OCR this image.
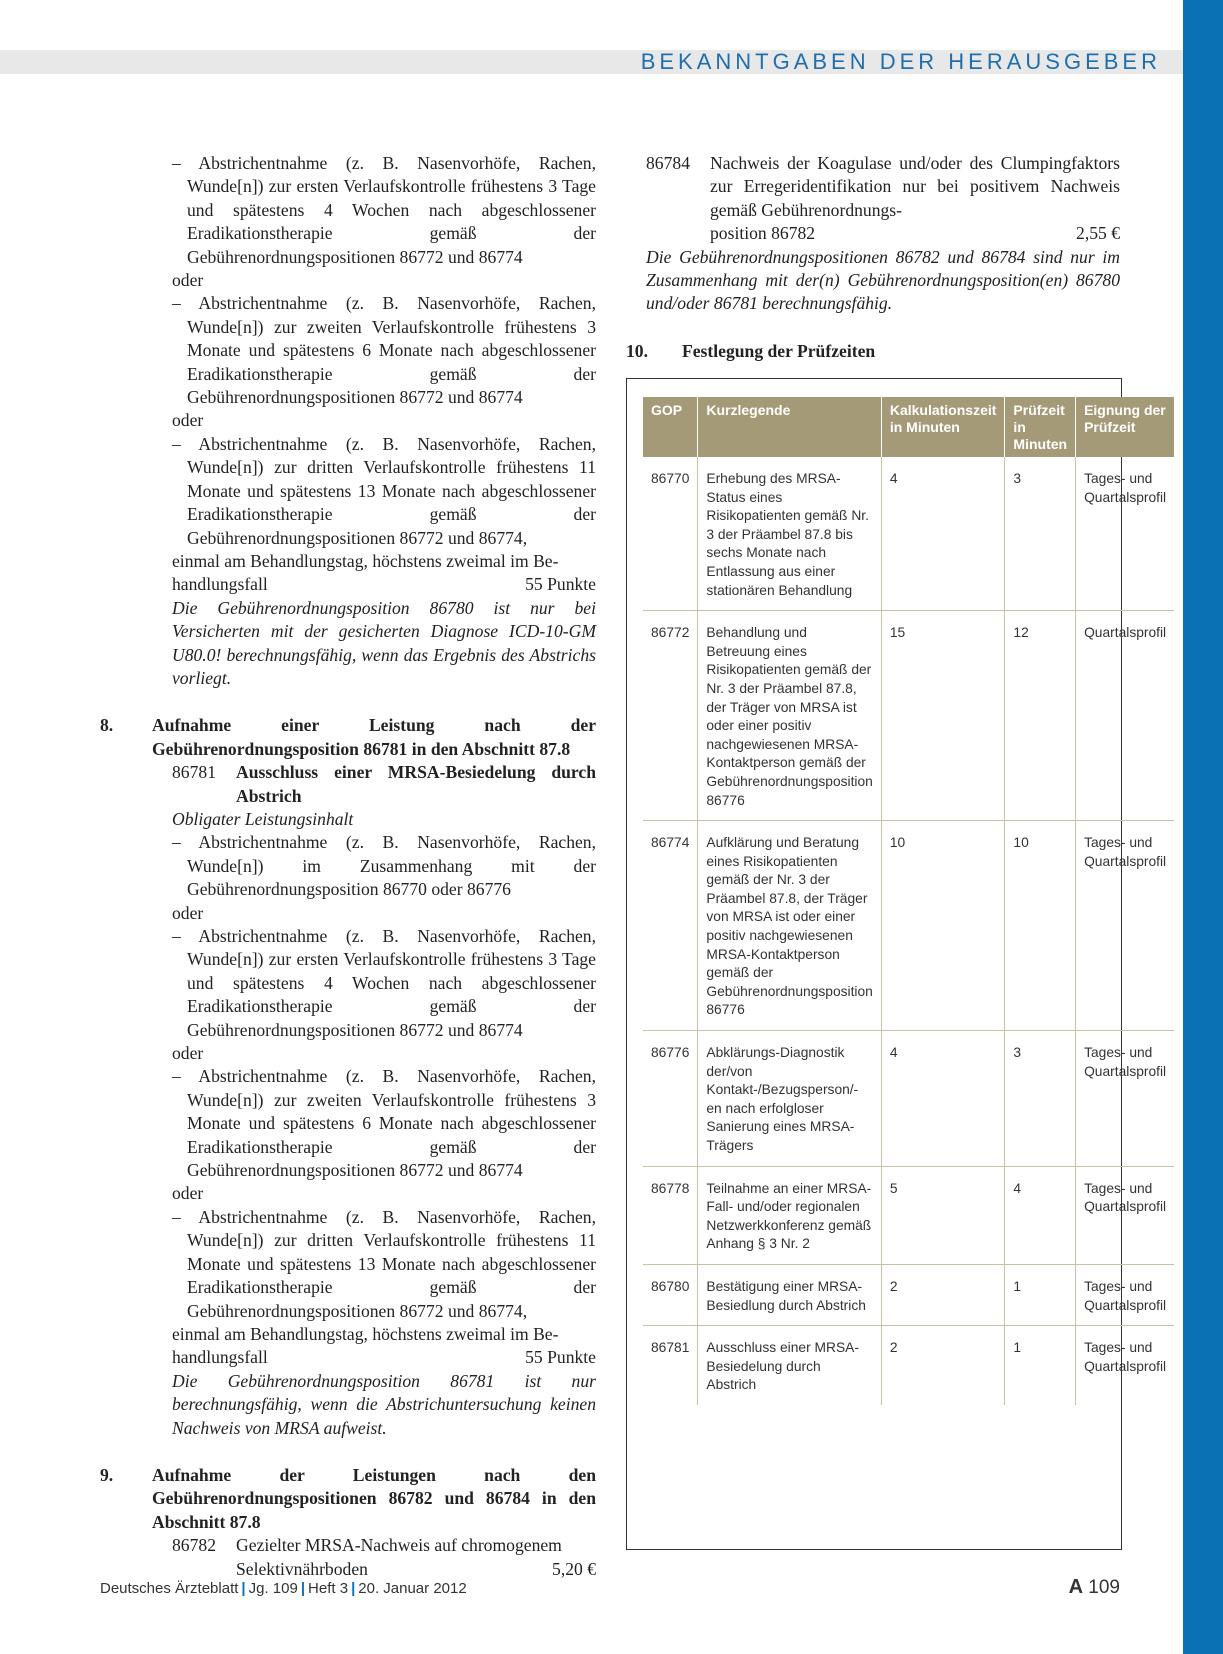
BEKANNTGABEN DER HERAUSGEBER
– Abstrichentnahme (z. B. Nasenvorhöfe, Rachen, Wunde[n]) zur ersten Verlaufskontrolle frühestens 3 Tage und spätestens 4 Wochen nach abgeschlossener Eradikationstherapie gemäß der Gebührenordnungspositionen 86772 und 86774
oder
– Abstrichentnahme (z. B. Nasenvorhöfe, Rachen, Wunde[n]) zur zweiten Verlaufskontrolle frühestens 3 Monate und spätestens 6 Monate nach abgeschlossener Eradikationstherapie gemäß der Gebührenordnungspositionen 86772 und 86774
oder
– Abstrichentnahme (z. B. Nasenvorhöfe, Rachen, Wunde[n]) zur dritten Verlaufskontrolle frühestens 11 Monate und spätestens 13 Monate nach abgeschlossener Eradikationstherapie gemäß der Gebührenordnungspositionen 86772 und 86774,
einmal am Behandlungstag, höchstens zweimal im Be-
handlungsfall	55 Punkte
Die Gebührenordnungsposition 86780 ist nur bei Versicherten mit der gesicherten Diagnose ICD-10-GM U80.0! berechnungsfähig, wenn das Ergebnis des Abstrichs vorliegt.
8. Aufnahme einer Leistung nach der Gebührenordnungsposition 86781 in den Abschnitt 87.8
86781 Ausschluss einer MRSA-Besiedelung durch Abstrich
Obligater Leistungsinhalt
– Abstrichentnahme (z. B. Nasenvorhöfe, Rachen, Wunde[n]) im Zusammenhang mit der Gebührenordnungsposition 86770 oder 86776
oder
– Abstrichentnahme (z. B. Nasenvorhöfe, Rachen, Wunde[n]) zur ersten Verlaufskontrolle frühestens 3 Tage und spätestens 4 Wochen nach abgeschlossener Eradikationstherapie gemäß der Gebührenordnungspositionen 86772 und 86774
oder
– Abstrichentnahme (z. B. Nasenvorhöfe, Rachen, Wunde[n]) zur zweiten Verlaufskontrolle frühestens 3 Monate und spätestens 6 Monate nach abgeschlossener Eradikationstherapie gemäß der Gebührenordnungspositionen 86772 und 86774
oder
– Abstrichentnahme (z. B. Nasenvorhöfe, Rachen, Wunde[n]) zur dritten Verlaufskontrolle frühestens 11 Monate und spätestens 13 Monate nach abgeschlossener Eradikationstherapie gemäß der Gebührenordnungspositionen 86772 und 86774,
einmal am Behandlungstag, höchstens zweimal im Be-
handlungsfall	55 Punkte
Die Gebührenordnungsposition 86781 ist nur berechnungsfähig, wenn die Abstrichuntersuchung keinen Nachweis von MRSA aufweist.
9. Aufnahme der Leistungen nach den Gebührenordnungspositionen 86782 und 86784 in den Abschnitt 87.8
86782 Gezielter MRSA-Nachweis auf chromogenem
Selektivnährboden	5,20 €
86784 Nachweis der Koagulase und/oder des Clumpingfaktors zur Erregeridentifikation nur bei positivem Nachweis gemäß Gebührenordnungs-
position 86782	2,55 €
Die Gebührenordnungspositionen 86782 und 86784 sind nur im Zusammenhang mit der(n) Gebührenordnungsposition(en) 86780 und/oder 86781 berechnungsfähig.
10. Festlegung der Prüfzeiten
GOP	Kurzlegende	Kalkulationszeit in Minuten	Prüfzeit in Minuten	Eignung der Prüfzeit
86770	Erhebung des MRSA-Status eines Risikopatienten gemäß Nr. 3 der Präambel 87.8 bis sechs Monate nach Entlassung aus einer stationären Behandlung	4	3	Tages- und Quartalsprofil
86772	Behandlung und Betreuung eines Risikopatienten gemäß der Nr. 3 der Präambel 87.8, der Träger von MRSA ist oder einer positiv nachgewiesenen MRSA-Kontaktperson gemäß der Gebührenordnungsposition 86776	15	12	Quartalsprofil
86774	Aufklärung und Beratung eines Risikopatienten gemäß der Nr. 3 der Präambel 87.8, der Träger von MRSA ist oder einer positiv nachgewiesenen MRSA-Kontaktperson gemäß der Gebührenordnungsposition 86776	10	10	Tages- und Quartalsprofil
86776	Abklärungs-Diagnostik der/von Kontakt-/Bezugsperson/-en nach erfolgloser Sanierung eines MRSA-Trägers	4	3	Tages- und Quartalsprofil
86778	Teilnahme an einer MRSA-Fall- und/oder regionalen Netzwerkkonferenz gemäß Anhang § 3 Nr. 2	5	4	Tages- und Quartalsprofil
86780	Bestätigung einer MRSA-Besiedlung durch Abstrich	2	1	Tages- und Quartalsprofil
86781	Ausschluss einer MRSA-Besiedelung durch Abstrich	2	1	Tages- und Quartalsprofil
Deutsches Ärzteblatt | Jg. 109 | Heft 3 | 20. Januar 2012	A 109
